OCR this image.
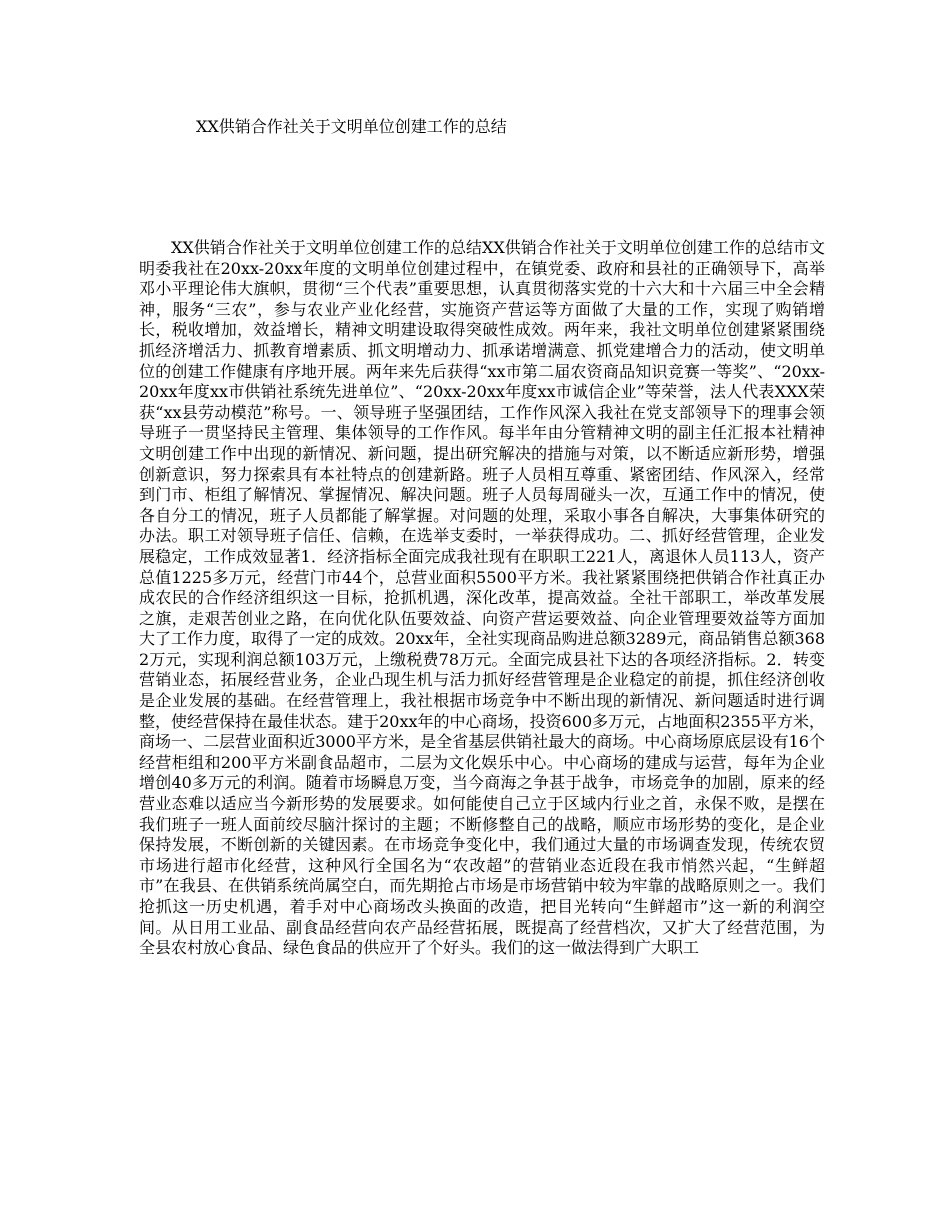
XX供销合作社关于文明单位创建工作的总结

XX供销合作社关于文明单位创建工作的总结XX供销合作社关于文明单位创建工作的总结市文明委我社在20xx-20xx年度的文明单位创建过程中，在镇党委、政府和县社的正确领导下，高举邓小平理论伟大旗帜，贯彻“三个代表”重要思想，认真贯彻落实党的十六大和十六届三中全会精神，服务“三农”，参与农业产业化经营，实施资产营运等方面做了大量的工作，实现了购销增长，税收增加，效益增长，精神文明建设取得突破性成效。两年来，我社文明单位创建紧紧围绕抓经济增活力、抓教育增素质、抓文明增动力、抓承诺增满意、抓党建增合力的活动，使文明单位的创建工作健康有序地开展。两年来先后获得“xx市第二届农资商品知识竞赛一等奖”、“20xx-20xx年度xx市供销社系统先进单位”、“20xx-20xx年度xx市诚信企业”等荣誉，法人代表XXX荣获“xx县劳动模范”称号。一、领导班子坚强团结，工作作风深入我社在党支部领导下的理事会领导班子一贯坚持民主管理、集体领导的工作作风。每半年由分管精神文明的副主任汇报本社精神文明创建工作中出现的新情况、新问题，提出研究解决的措施与对策，以不断适应新形势，增强创新意识，努力探索具有本社特点的创建新路。班子人员相互尊重、紧密团结、作风深入，经常到门市、柜组了解情况、掌握情况、解决问题。班子人员每周碰头一次，互通工作中的情况，使各自分工的情况，班子人员都能了解掌握。对问题的处理，采取小事各自解决，大事集体研究的办法。职工对领导班子信任、信赖，在选举支委时，一举获得成功。二、抓好经营管理，企业发展稳定，工作成效显著1．经济指标全面完成我社现有在职职工221人，离退休人员113人，资产总值1225多万元，经营门市44个，总营业面积5500平方米。我社紧紧围绕把供销合作社真正办成农民的合作经济组织这一目标，抢抓机遇，深化改革，提高效益。全社干部职工，举改革发展之旗，走艰苦创业之路，在向优化队伍要效益、向资产营运要效益、向企业管理要效益等方面加大了工作力度，取得了一定的成效。20xx年，全社实现商品购进总额3289元，商品销售总额3682万元，实现利润总额103万元，上缴税费78万元。全面完成县社下达的各项经济指标。2．转变营销业态，拓展经营业务，企业凸现生机与活力抓好经营管理是企业稳定的前提，抓住经济创收是企业发展的基础。在经营管理上，我社根据市场竞争中不断出现的新情况、新问题适时进行调整，使经营保持在最佳状态。建于20xx年的中心商场，投资600多万元，占地面积2355平方米，商场一、二层营业面积近3000平方米，是全省基层供销社最大的商场。中心商场原底层设有16个经营柜组和200平方米副食品超市，二层为文化娱乐中心。中心商场的建成与运营，每年为企业增创40多万元的利润。随着市场瞬息万变，当今商海之争甚于战争，市场竞争的加剧，原来的经营业态难以适应当今新形势的发展要求。如何能使自己立于区域内行业之首，永保不败，是摆在我们班子一班人面前绞尽脑汁探讨的主题；不断修整自己的战略，顺应市场形势的变化，是企业保持发展，不断创新的关键因素。在市场竞争变化中，我们通过大量的市场调查发现，传统农贸市场进行超市化经营，这种风行全国名为“农改超”的营销业态近段在我市悄然兴起，“生鲜超市”在我县、在供销系统尚属空白，而先期抢占市场是市场营销中较为牢靠的战略原则之一。我们抢抓这一历史机遇，着手对中心商场改头换面的改造，把目光转向“生鲜超市”这一新的利润空间。从日用工业品、副食品经营向农产品经营拓展，既提高了经营档次，又扩大了经营范围，为全县农村放心食品、绿色食品的供应开了个好头。我们的这一做法得到广大职工
